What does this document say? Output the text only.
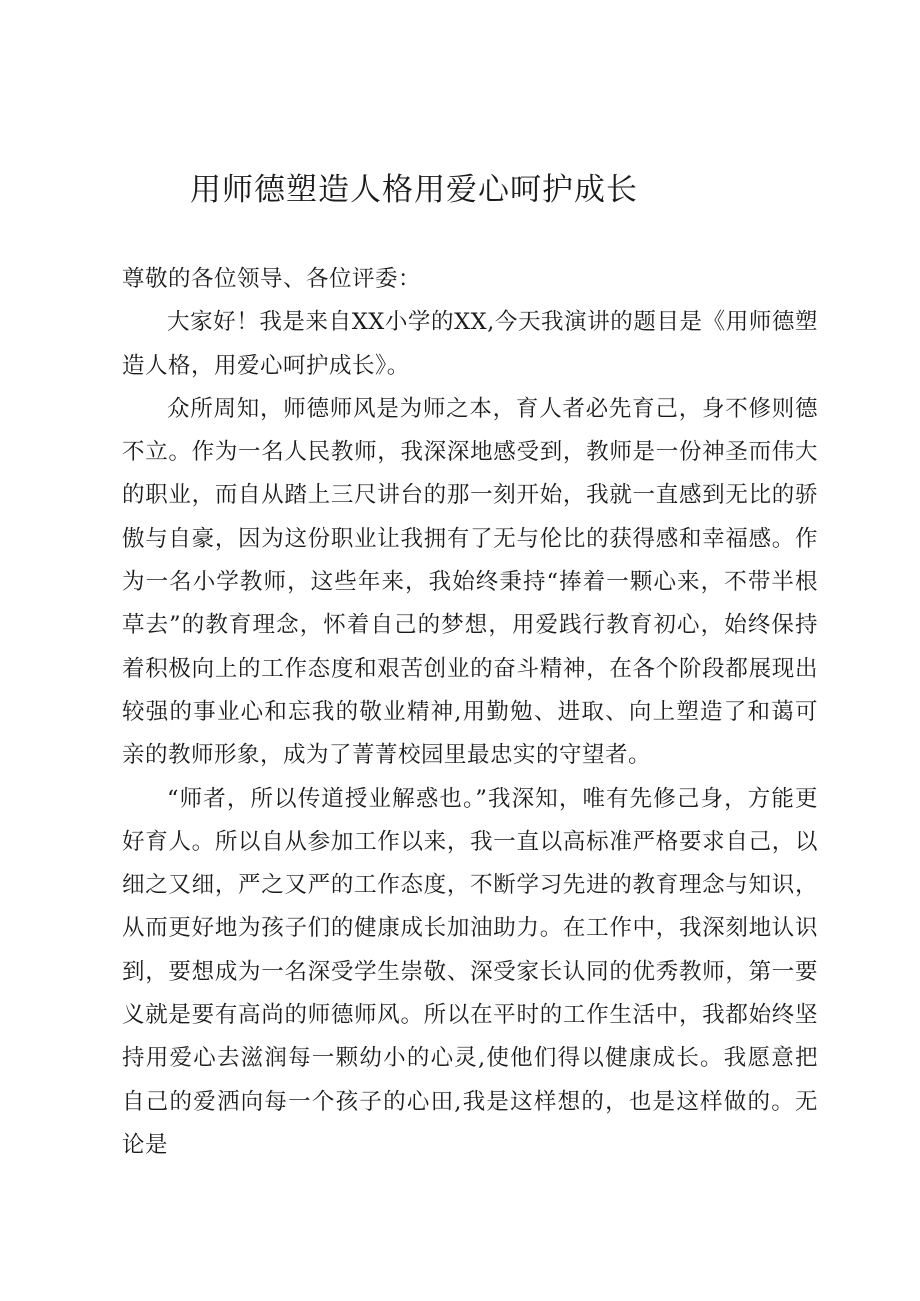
用师德塑造人格用爱心呵护成长

尊敬的各位领导、各位评委：

大家好！我是来自XX小学的XX,今天我演讲的题目是《用师德塑造人格，用爱心呵护成长》。

众所周知，师德师风是为师之本，育人者必先育己，身不修则德不立。作为一名人民教师，我深深地感受到，教师是一份神圣而伟大的职业，而自从踏上三尺讲台的那一刻开始，我就一直感到无比的骄傲与自豪，因为这份职业让我拥有了无与伦比的获得感和幸福感。作为一名小学教师，这些年来，我始终秉持“捧着一颗心来，不带半根草去”的教育理念，怀着自己的梦想，用爱践行教育初心，始终保持着积极向上的工作态度和艰苦创业的奋斗精神，在各个阶段都展现出较强的事业心和忘我的敬业精神,用勤勉、进取、向上塑造了和蔼可亲的教师形象，成为了菁菁校园里最忠实的守望者。

“师者，所以传道授业解惑也。”我深知，唯有先修己身，方能更好育人。所以自从参加工作以来，我一直以高标准严格要求自己，以细之又细，严之又严的工作态度，不断学习先进的教育理念与知识，从而更好地为孩子们的健康成长加油助力。在工作中，我深刻地认识到，要想成为一名深受学生崇敬、深受家长认同的优秀教师，第一要义就是要有高尚的师德师风。所以在平时的工作生活中，我都始终坚持用爱心去滋润每一颗幼小的心灵,使他们得以健康成长。我愿意把自己的爱洒向每一个孩子的心田,我是这样想的，也是这样做的。无论是
